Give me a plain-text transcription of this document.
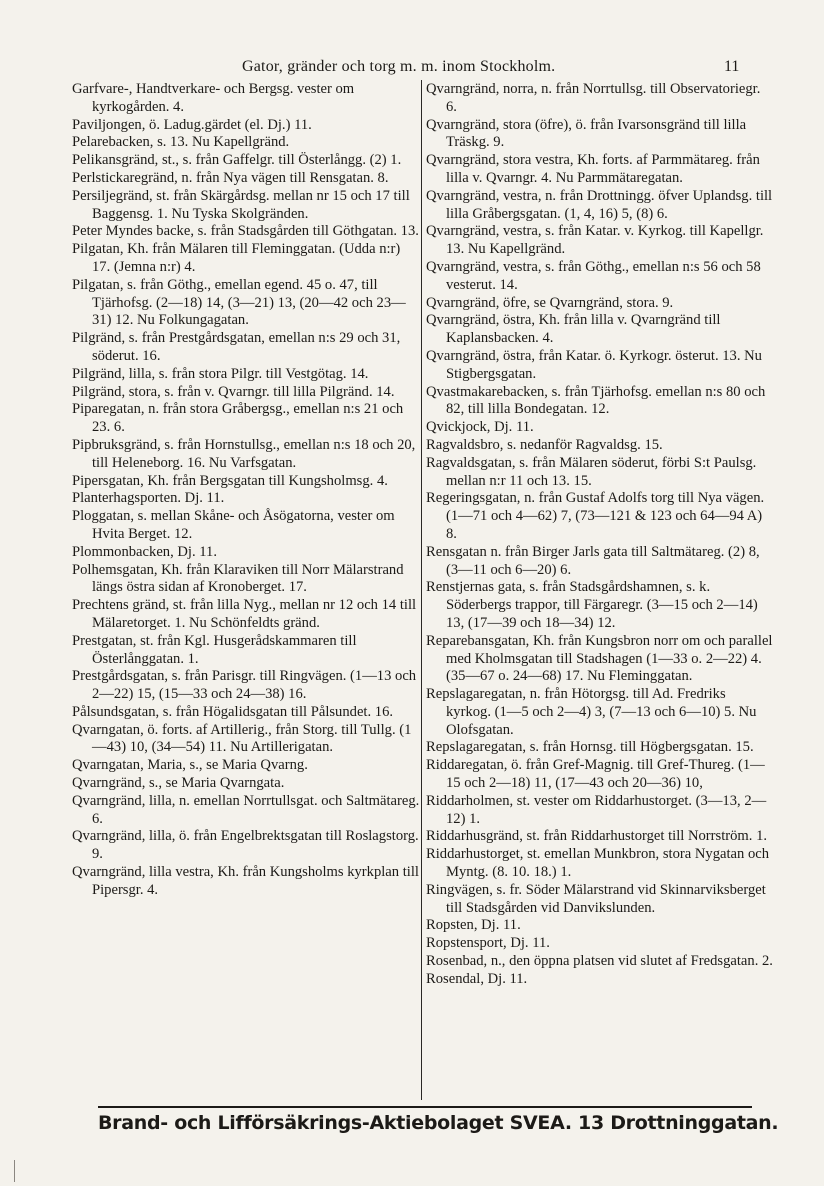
Gator, gränder och torg m. m. inom Stockholm.	11

Garfvare-, Handtverkare- och Bergsg. vester om kyrkogården. 4.

Paviljongen, ö. Ladug.gärdet (el. Dj.) 11.

Pelarebacken, s. 13. Nu Kapellgränd.

Pelikansgränd, st., s. från Gaffelgr. till Österlångg. (2) 1.

Perlstickaregränd, n. från Nya vägen till Rensgatan. 8.

Persiljegränd, st. från Skärgårdsg. mellan nr 15 och 17 till Baggensg. 1. Nu Tyska Skolgränden.

Peter Myndes backe, s. från Stadsgården till Göthgatan. 13.

Pilgatan, Kh. från Mälaren till Fleminggatan. (Udda n:r) 17. (Jemna n:r) 4.

Pilgatan, s. från Göthg., emellan egend. 45 o. 47, till Tjärhofsg. (2—18) 14, (3—21) 13, (20—42 och 23—31) 12. Nu Folkungagatan.

Pilgränd, s. från Prestgårdsgatan, emellan n:s 29 och 31, söderut. 16.

Pilgränd, lilla, s. från stora Pilgr. till Vestgötag. 14.

Pilgränd, stora, s. från v. Qvarngr. till lilla Pilgränd. 14.

Piparegatan, n. från stora Gråbergsg., emellan n:s 21 och 23. 6.

Pipbruksgränd, s. från Hornstullsg., emellan n:s 18 och 20, till Heleneborg. 16. Nu Varfsgatan.

Pipersgatan, Kh. från Bergsgatan till Kungsholmsg. 4.

Planterhagsporten. Dj. 11.

Ploggatan, s. mellan Skåne- och Åsögatorna, vester om Hvita Berget. 12.

Plommonbacken, Dj. 11.

Polhemsgatan, Kh. från Klaraviken till Norr Mälarstrand längs östra sidan af Kronoberget. 17.

Prechtens gränd, st. från lilla Nyg., mellan nr 12 och 14 till Mälaretorget. 1. Nu Schönfeldts gränd.

Prestgatan, st. från Kgl. Husgerådskammaren till Österlånggatan. 1.

Prestgårdsgatan, s. från Parisgr. till Ringvägen. (1—13 och 2—22) 15, (15—33 och 24—38) 16.

Pålsundsgatan, s. från Högalidsgatan till Pålsundet. 16.

Qvarngatan, ö. forts. af Artillerig., från Storg. till Tullg. (1—43) 10, (34—54) 11. Nu Artillerigatan.

Qvarngatan, Maria, s., se Maria Qvarng.

Qvarngränd, s., se Maria Qvarngata.

Qvarngränd, lilla, n. emellan Norrtullsgat. och Saltmätareg. 6.

Qvarngränd, lilla, ö. från Engelbrektsgatan till Roslagstorg. 9.

Qvarngränd, lilla vestra, Kh. från Kungsholms kyrkplan till Pipersgr. 4.

Qvarngränd, norra, n. från Norrtullsg. till Observatoriegr. 6.

Qvarngränd, stora (öfre), ö. från Ivarsonsgränd till lilla Träskg. 9.

Qvarngränd, stora vestra, Kh. forts. af Parmmätareg. från lilla v. Qvarngr. 4. Nu Parmmätaregatan.

Qvarngränd, vestra, n. från Drottningg. öfver Uplandsg. till lilla Gråbergsgatan. (1, 4, 16) 5, (8) 6.

Qvarngränd, vestra, s. från Katar. v. Kyrkog. till Kapellgr. 13. Nu Kapellgränd.

Qvarngränd, vestra, s. från Göthg., emellan n:s 56 och 58 vesterut. 14.

Qvarngränd, öfre, se Qvarngränd, stora. 9.

Qvarngränd, östra, Kh. från lilla v. Qvarngränd till Kaplansbacken. 4.

Qvarngränd, östra, från Katar. ö. Kyrkogr. österut. 13. Nu Stigbergsgatan.

Qvastmakarebacken, s. från Tjärhofsg. emellan n:s 80 och 82, till lilla Bondegatan. 12.

Qvickjock, Dj. 11.

Ragvaldsbro, s. nedanför Ragvaldsg. 15.

Ragvaldsgatan, s. från Mälaren söderut, förbi S:t Paulsg. mellan n:r 11 och 13. 15.

Regeringsgatan, n. från Gustaf Adolfs torg till Nya vägen. (1—71 och 4—62) 7, (73—121 & 123 och 64—94 A) 8.

Rensgatan n. från Birger Jarls gata till Saltmätareg. (2) 8, (3—11 och 6—20) 6.

Renstjernas gata, s. från Stadsgårdshamnen, s. k. Söderbergs trappor, till Färgaregr. (3—15 och 2—14) 13, (17—39 och 18—34) 12.

Reparebansgatan, Kh. från Kungsbron norr om och parallel med Kholmsgatan till Stadshagen (1—33 o. 2—22) 4. (35—67 o. 24—68) 17. Nu Fleminggatan.

Repslagaregatan, n. från Hötorgsg. till Ad. Fredriks kyrkog. (1—5 och 2—4) 3, (7—13 och 6—10) 5. Nu Olofsgatan.

Repslagaregatan, s. från Hornsg. till Högbergsgatan. 15.

Riddaregatan, ö. från Gref-Magnig. till Gref-Thureg. (1—15 och 2—18) 11, (17—43 och 20—36) 10,

Riddarholmen, st. vester om Riddarhustorget. (3—13, 2—12) 1.

Riddarhusgränd, st. från Riddarhustorget till Norrström. 1.

Riddarhustorget, st. emellan Munkbron, stora Nygatan och Myntg. (8. 10. 18.) 1.

Ringvägen, s. fr. Söder Mälarstrand vid Skinnarviksberget till Stadsgården vid Danvikslunden.

Ropsten, Dj. 11.

Ropstensport, Dj. 11.

Rosenbad, n., den öppna platsen vid slutet af Fredsgatan. 2.

Rosendal, Dj. 11.

Brand- och Lifförsäkrings-Aktiebolaget SVEA. 13 Drottninggatan.
